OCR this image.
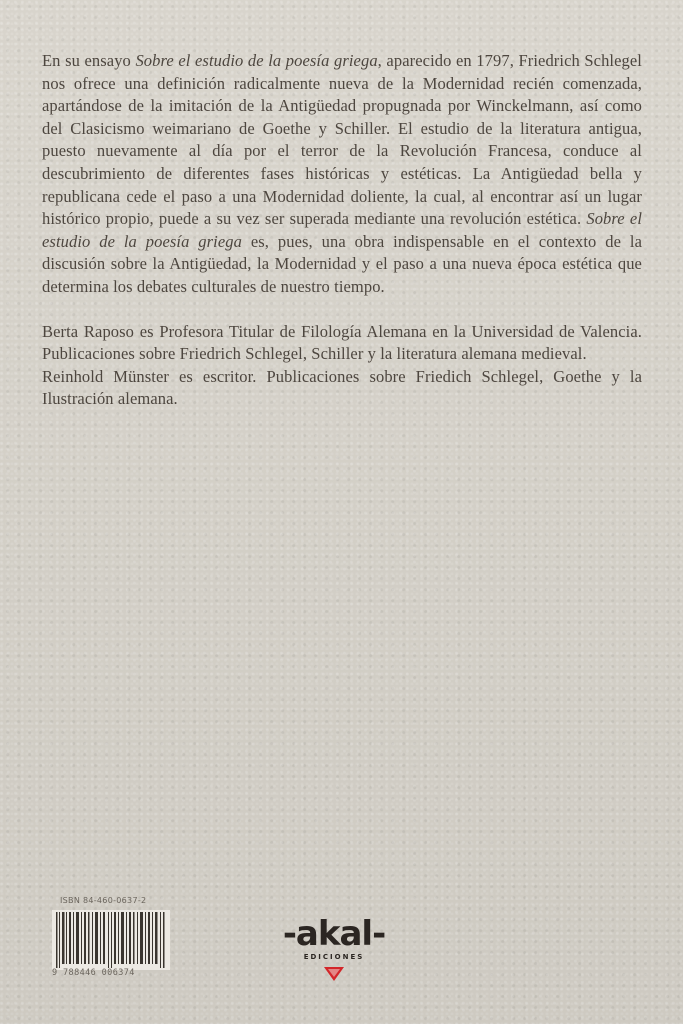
En su ensayo Sobre el estudio de la poesía griega, aparecido en 1797, Friedrich Schlegel nos ofrece una definición radicalmente nueva de la Modernidad recién comenzada, apartándose de la imitación de la Antigüedad propugnada por Winckelmann, así como del Clasicismo weimariano de Goethe y Schiller. El estudio de la literatura antigua, puesto nuevamente al día por el terror de la Revolución Francesa, conduce al descubrimiento de diferentes fases históricas y estéticas. La Antigüedad bella y republicana cede el paso a una Modernidad doliente, la cual, al encontrar así un lugar histórico propio, puede a su vez ser superada mediante una revolución estética. Sobre el estudio de la poesía griega es, pues, una obra indispensable en el contexto de la discusión sobre la Antigüedad, la Modernidad y el paso a una nueva época estética que determina los debates culturales de nuestro tiempo.

Berta Raposo es Profesora Titular de Filología Alemana en la Universidad de Valencia. Publicaciones sobre Friedrich Schlegel, Schiller y la literatura alemana medieval.

Reinhold Münster es escritor. Publicaciones sobre Friedich Schlegel, Goethe y la Ilustración alemana.

ISBN 84-460-0637-2
9 788446 006374
-akal-
EDICIONES
